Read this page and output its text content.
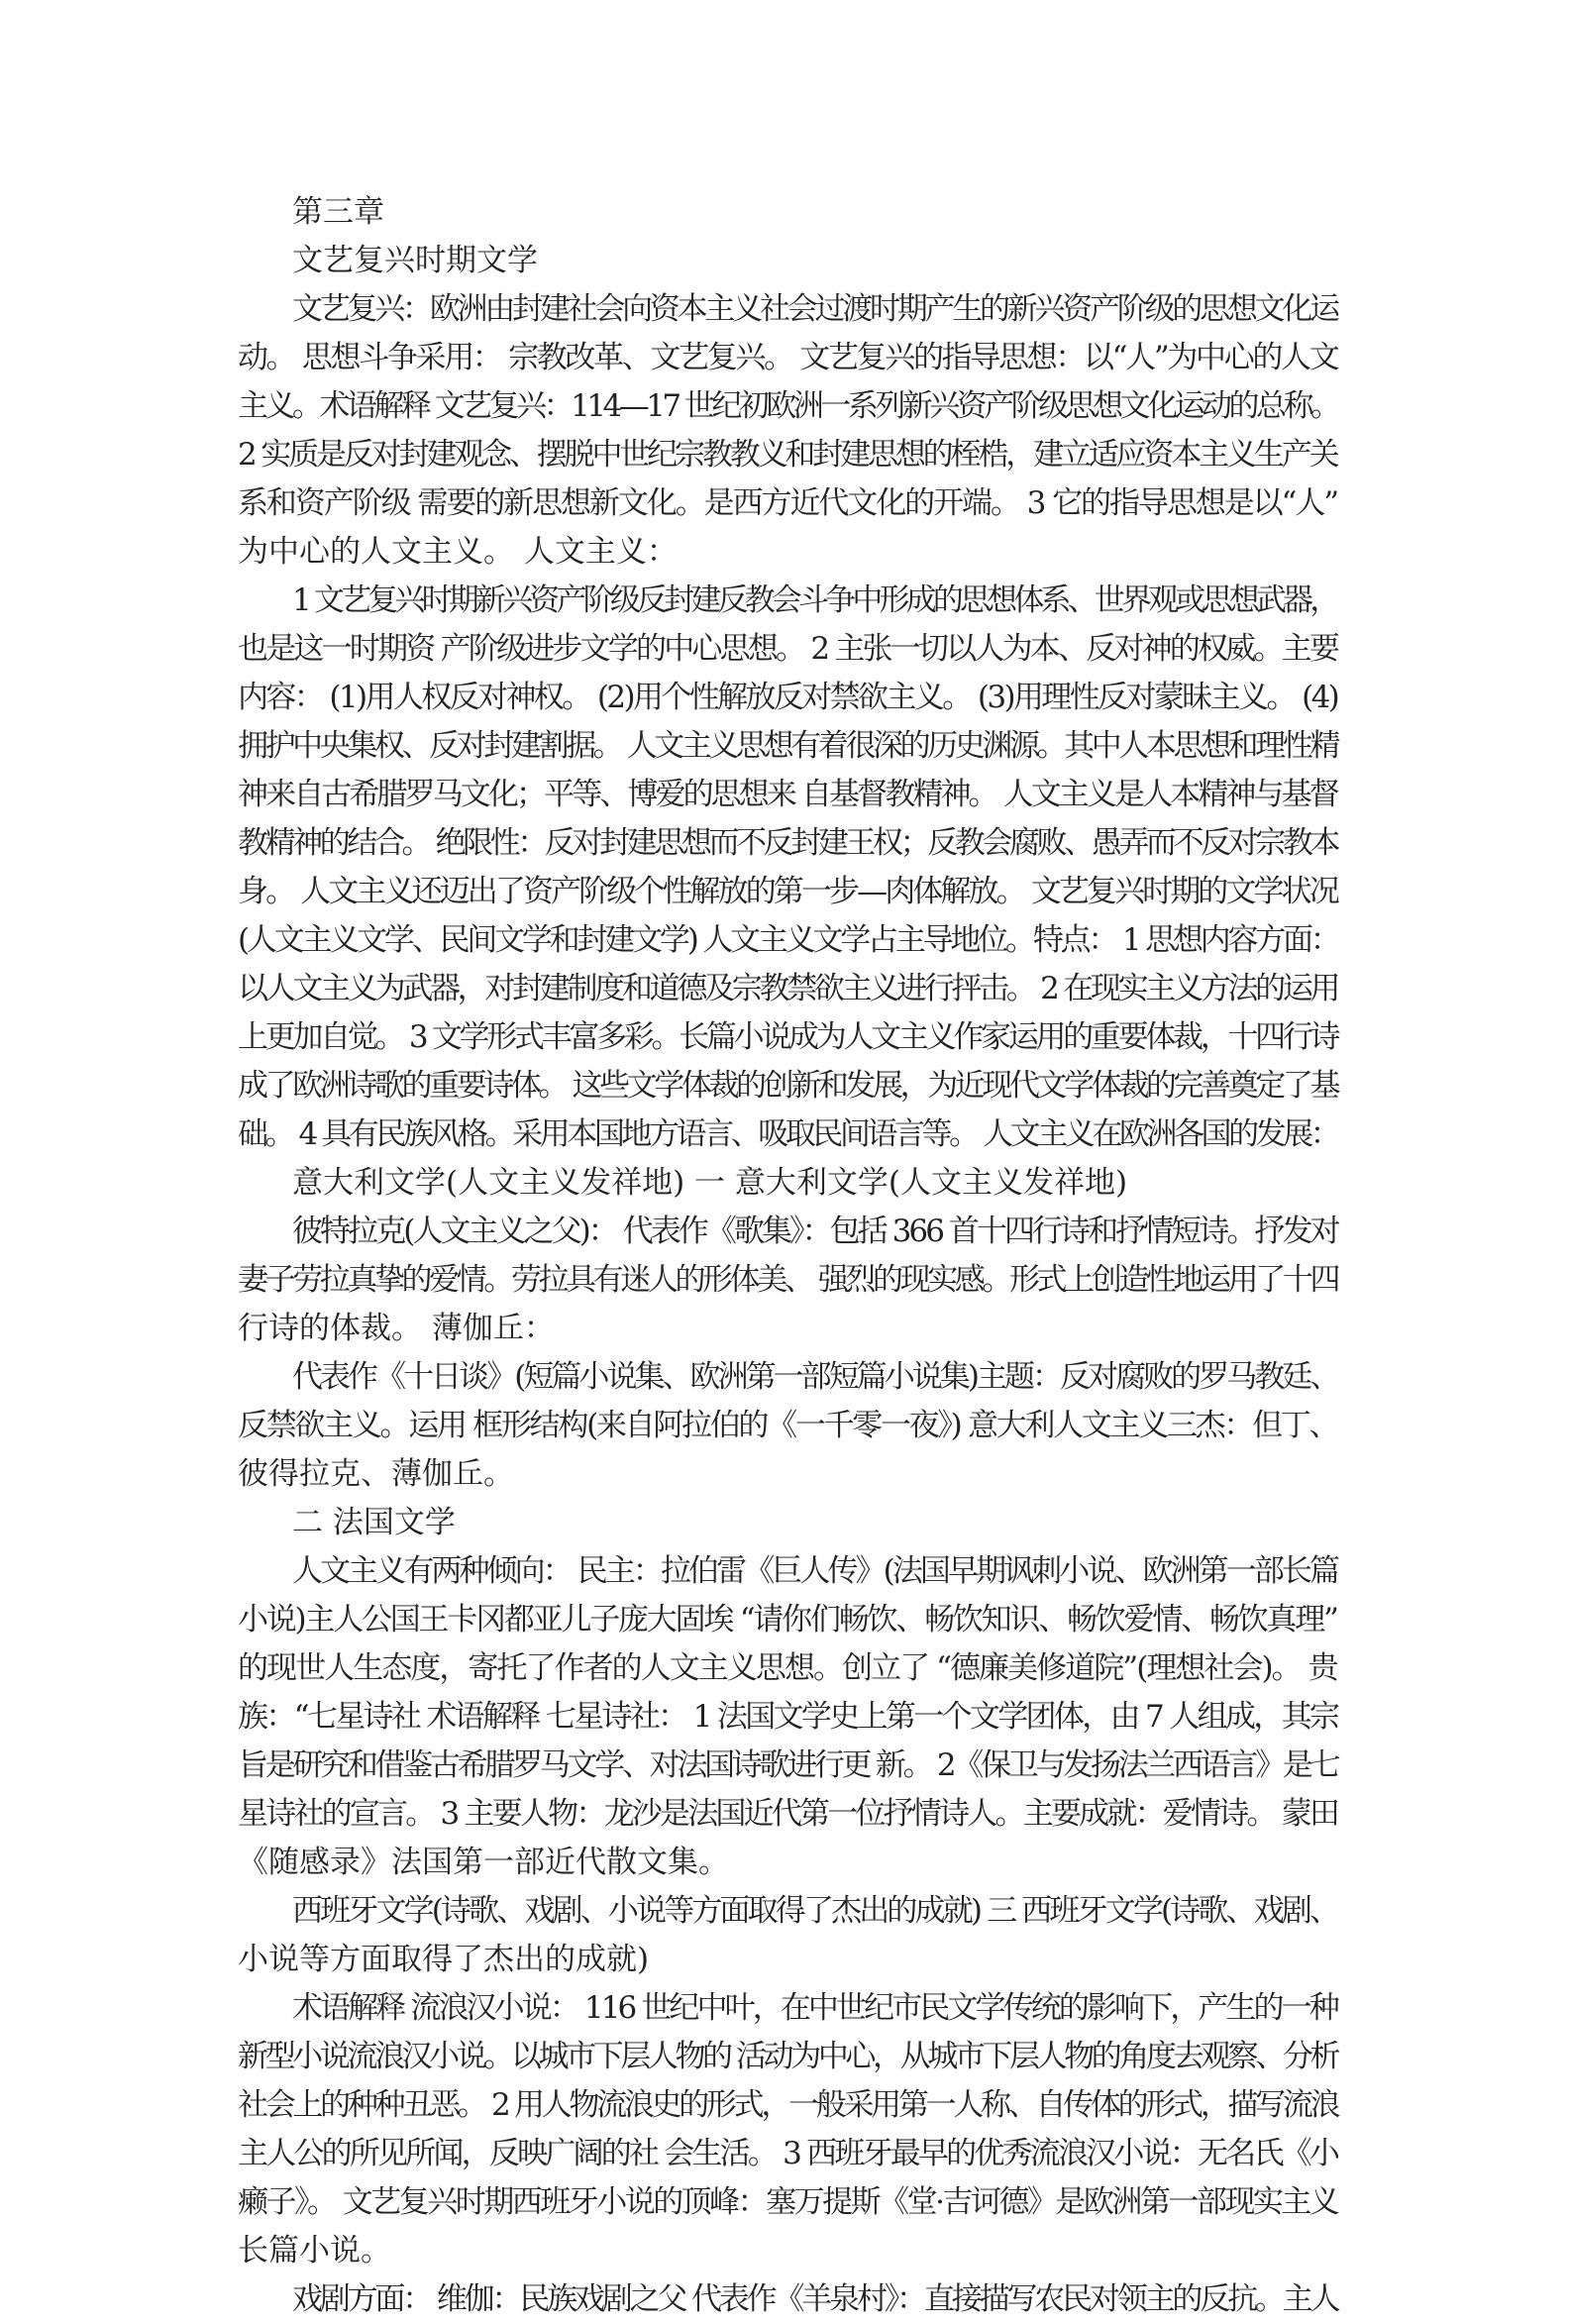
第三章
文艺复兴时期文学
文艺复兴：欧洲由封建社会向资本主义社会过渡时期产生的新兴资产阶级的思想文化运
动。 思想斗争采用： 宗教改革、文艺复兴。 文艺复兴的指导思想：以“人”为中心的人文
主义。术语解释 文艺复兴：114—17 世纪初欧洲一系列新兴资产阶级思想文化运动的总称。
2 实质是反对封建观念、摆脱中世纪宗教教义和封建思想的桎梏，建立适应资本主义生产关
系和资产阶级 需要的新思想新文化。是西方近代文化的开端。 3 它的指导思想是以“人”
为中心的人文主义。 人文主义：
1 文艺复兴时期新兴资产阶级反封建反教会斗争中形成的思想体系、世界观或思想武器，
也是这一时期资 产阶级进步文学的中心思想。 2 主张一切以人为本、反对神的权威。主要
内容： (1)用人权反对神权。 (2)用个性解放反对禁欲主义。 (3)用理性反对蒙昧主义。 (4)
拥护中央集权、反对封建割据。 人文主义思想有着很深的历史渊源。其中人本思想和理性精
神来自古希腊罗马文化；平等、博爱的思想来 自基督教精神。 人文主义是人本精神与基督
教精神的结合。 绝限性：反对封建思想而不反封建王权；反教会腐败、愚弄而不反对宗教本
身。 人文主义还迈出了资产阶级个性解放的第一步—肉体解放。 文艺复兴时期的文学状况
(人文主义文学、民间文学和封建文学) 人文主义文学占主导地位。特点： 1 思想内容方面：
以人文主义为武器，对封建制度和道德及宗教禁欲主义进行抨击。 2 在现实主义方法的运用
上更加自觉。 3 文学形式丰富多彩。长篇小说成为人文主义作家运用的重要体裁，十四行诗
成了欧洲诗歌的重要诗体。 这些文学体裁的创新和发展，为近现代文学体裁的完善奠定了基
础。 4 具有民族风格。采用本国地方语言、吸取民间语言等。 人文主义在欧洲各国的发展：
意大利文学(人文主义发祥地) 一 意大利文学(人文主义发祥地)
彼特拉克(人文主义之父)： 代表作《歌集》：包括 366 首十四行诗和抒情短诗。抒发对
妻子劳拉真挚的爱情。劳拉具有迷人的形体美、 强烈的现实感。形式上创造性地运用了十四
行诗的体裁。 薄伽丘：
代表作《十日谈》(短篇小说集、欧洲第一部短篇小说集)主题：反对腐败的罗马教廷、
反禁欲主义。运用 框形结构(来自阿拉伯的《一千零一夜》) 意大利人文主义三杰：但丁、
彼得拉克、薄伽丘。
二 法国文学
人文主义有两种倾向： 民主：拉伯雷《巨人传》(法国早期讽刺小说、欧洲第一部长篇
小说)主人公国王卡冈都亚儿子庞大固埃 “请你们畅饮、畅饮知识、畅饮爱情、畅饮真理”
的现世人生态度，寄托了作者的人文主义思想。创立了 “德廉美修道院”(理想社会)。 贵
族：“七星诗社 术语解释 七星诗社： 1 法国文学史上第一个文学团体，由 7 人组成，其宗
旨是研究和借鉴古希腊罗马文学、对法国诗歌进行更 新。 2《保卫与发扬法兰西语言》是七
星诗社的宣言。 3 主要人物：龙沙是法国近代第一位抒情诗人。主要成就：爱情诗。 蒙田
《随感录》法国第一部近代散文集。
西班牙文学(诗歌、戏剧、小说等方面取得了杰出的成就) 三 西班牙文学(诗歌、戏剧、
小说等方面取得了杰出的成就)
术语解释 流浪汉小说： 116 世纪中叶，在中世纪市民文学传统的影响下，产生的一种
新型小说流浪汉小说。以城市下层人物的 活动为中心，从城市下层人物的角度去观察、分析
社会上的种种丑恶。 2 用人物流浪史的形式，一般采用第一人称、自传体的形式，描写流浪
主人公的所见所闻，反映广阔的社 会生活。 3 西班牙最早的优秀流浪汉小说：无名氏《小
癞子》。 文艺复兴时期西班牙小说的顶峰：塞万提斯《堂·吉诃德》是欧洲第一部现实主义
长篇小说。
戏剧方面： 维伽：民族戏剧之父 代表作《羊泉村》：直接描写农民对领主的反抗。主人
